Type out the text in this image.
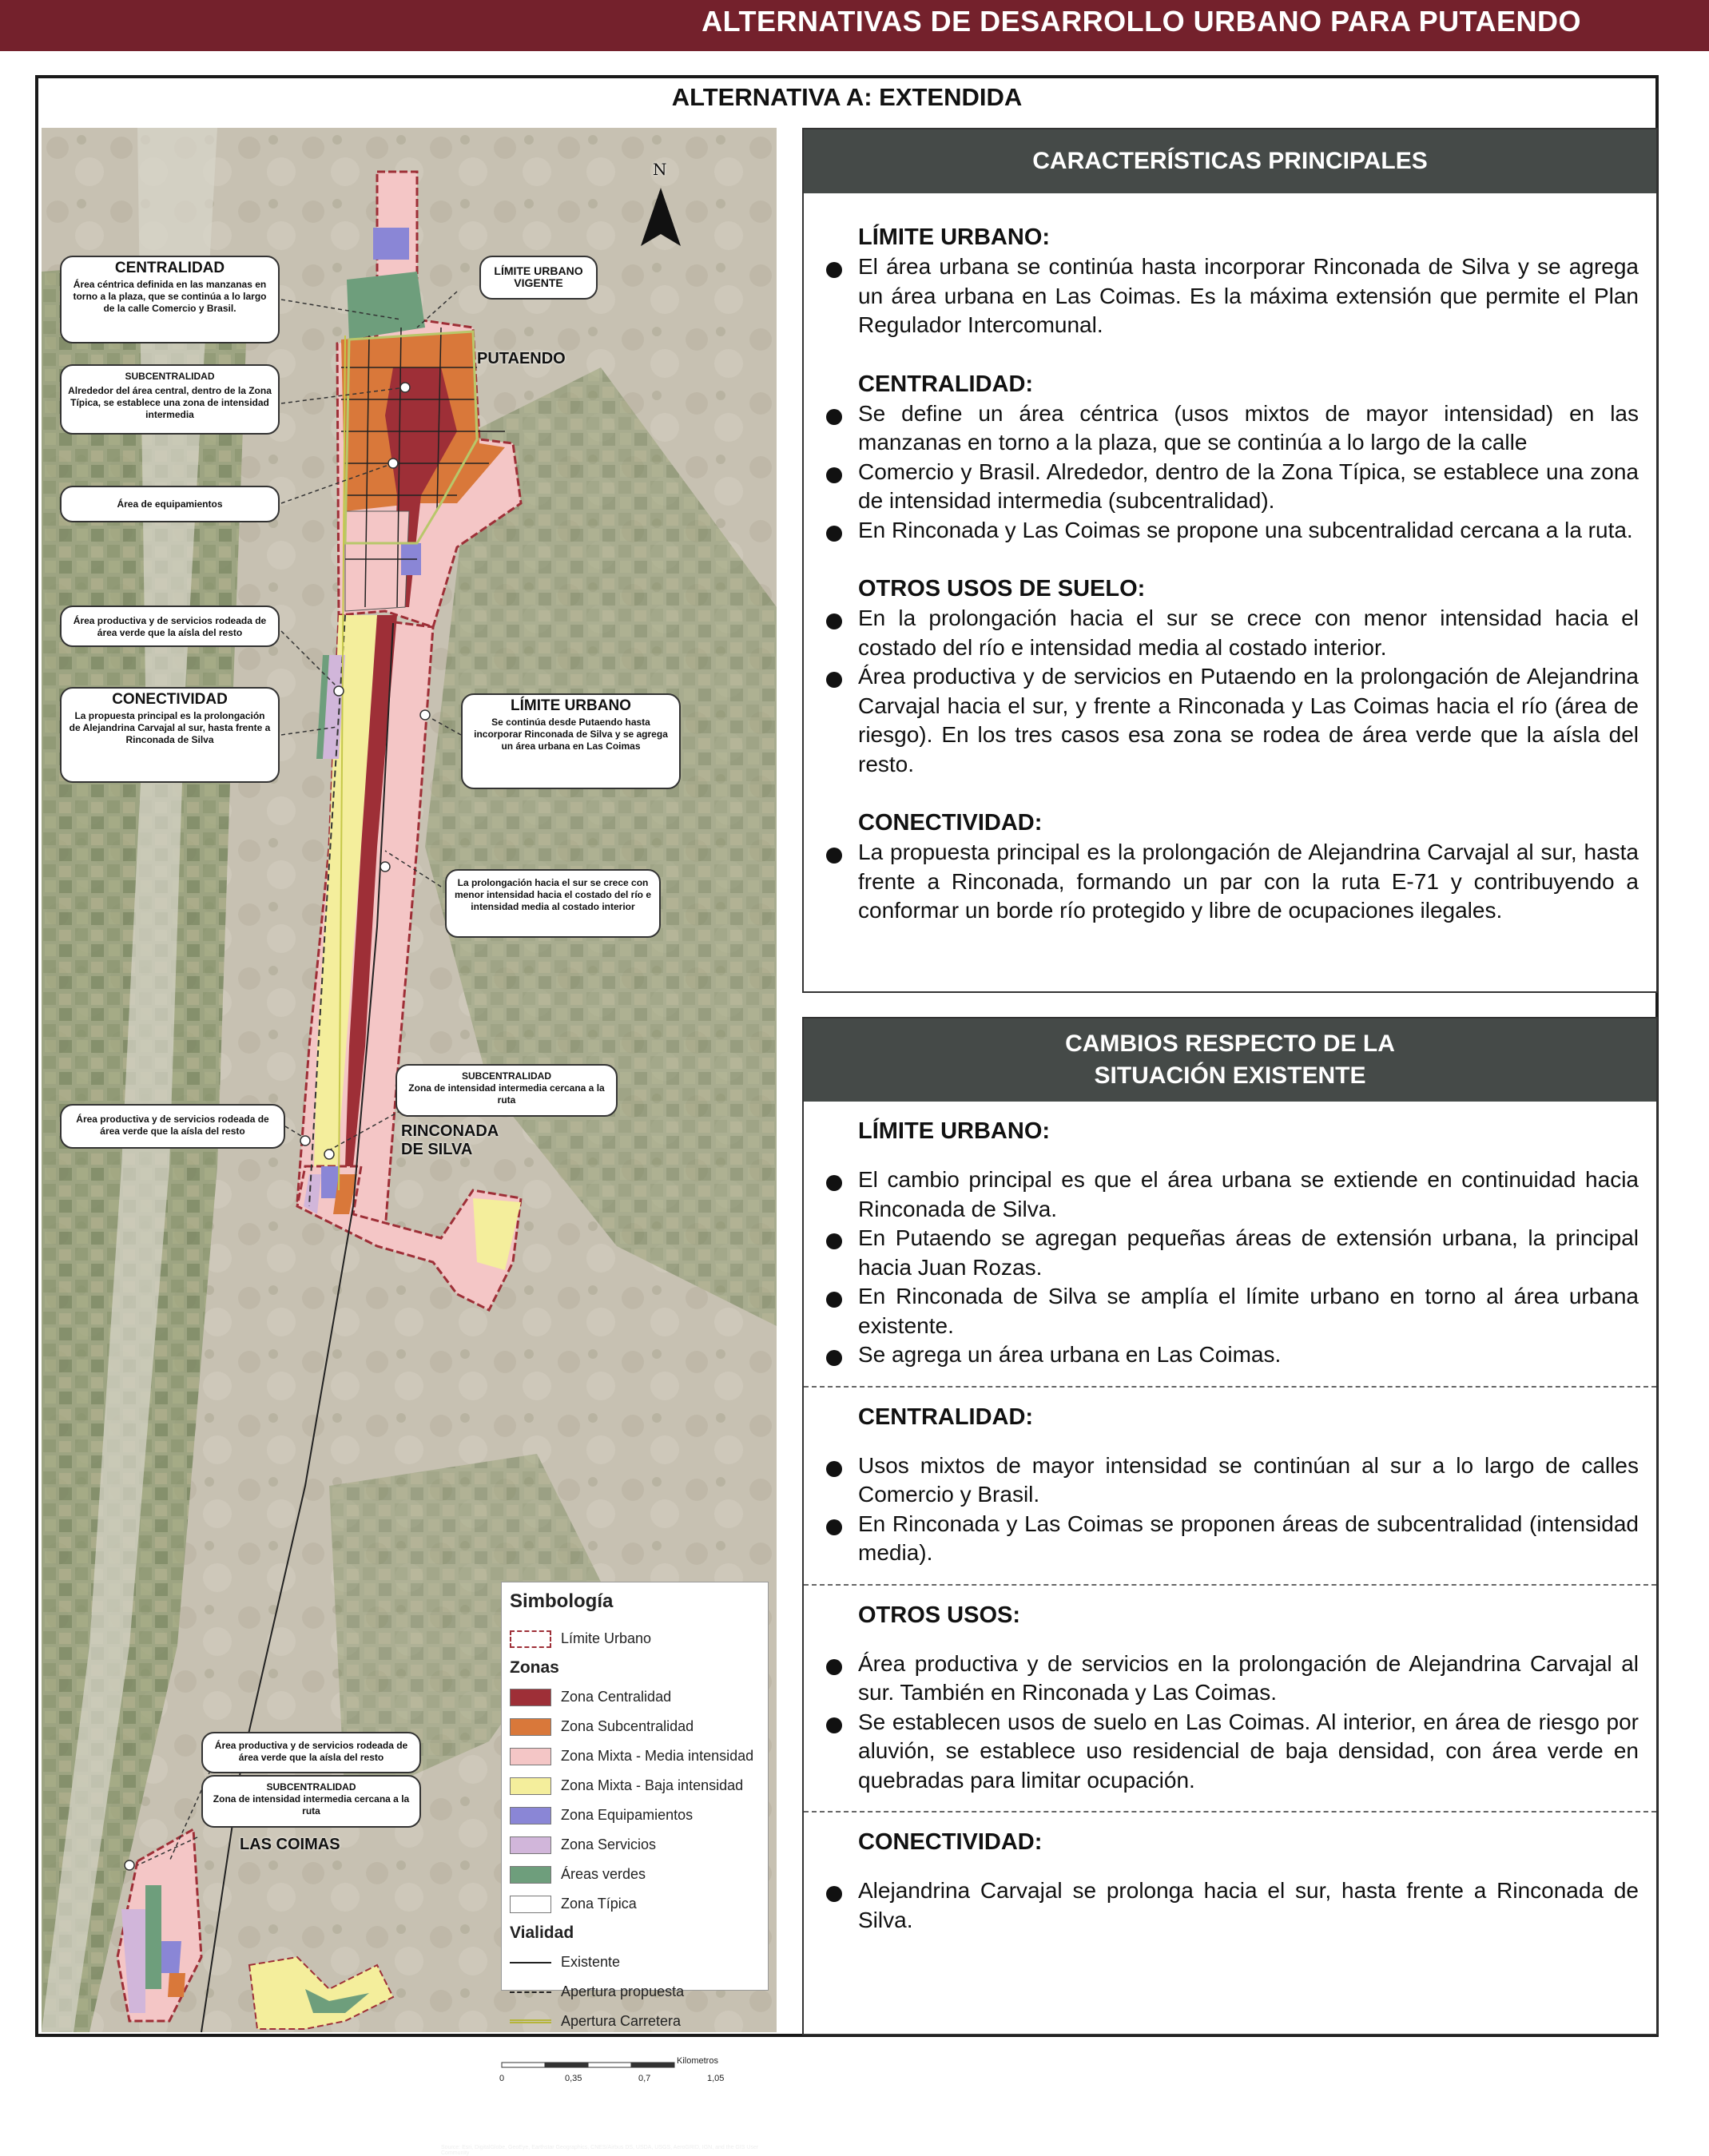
ALTERNATIVAS DE DESARROLLO URBANO PARA PUTAENDO
ALTERNATIVA A: EXTENDIDA
N
PUTAENDO
RINCONADA
DE SILVA
LAS COIMAS
CENTRALIDAD
Área céntrica definida en las manzanas en torno a la plaza, que se continúa a lo largo de la calle Comercio y Brasil.
LÍMITE URBANO VIGENTE
SUBCENTRALIDAD
Alrededor del área central, dentro de la Zona Típica, se establece una zona de intensidad intermedia
Área de equipamientos
Área productiva y de servicios rodeada de área verde que la aísla del resto
CONECTIVIDAD
La propuesta principal es la prolongación de Alejandrina Carvajal al sur, hasta frente a Rinconada de Silva
LÍMITE URBANO
Se continúa desde Putaendo hasta incorporar Rinconada de Silva y se agrega un área urbana en Las Coimas
La prolongación hacia el sur se crece con menor intensidad hacia el costado del río e intensidad media al costado interior
SUBCENTRALIDAD
Zona de intensidad intermedia cercana a la ruta
Área productiva y de servicios rodeada de área verde que la aísla del resto
Área productiva y de servicios rodeada de área verde que la aísla del resto
SUBCENTRALIDAD
Zona de intensidad intermedia cercana a la ruta
Simbología
Límite Urbano
Zonas
Zona Centralidad
Zona Subcentralidad
Zona Mixta - Media intensidad
Zona Mixta - Baja intensidad
Zona Equipamientos
Zona Servicios
Áreas verdes
Zona Típica
Vialidad
Existente
Apertura propuesta
Apertura Carretera
Kilometros
0	0,35	0,7	1,05
Source: Esri, DigitalGlobe, GeoEye, Earthstar Geographics, CNES/Airbus DS, USDA, USGS, AeroGRID, IGN, and the GIS User Community
CARACTERÍSTICAS PRINCIPALES
LÍMITE URBANO:
El área urbana se continúa hasta incorporar Rinconada de Silva y se agrega un área urbana en Las Coimas. Es la máxima extensión que permite el Plan Regulador Intercomunal.
CENTRALIDAD:
Se define un área céntrica (usos mixtos de mayor intensidad) en las manzanas en torno a la plaza, que se continúa a lo largo de la calle
Comercio y Brasil. Alrededor, dentro de la Zona Típica, se establece una zona de intensidad intermedia (subcentralidad).
En Rinconada y Las Coimas se propone una subcentralidad cercana a la ruta.
OTROS USOS DE SUELO:
En la prolongación hacia el sur se crece con menor intensidad hacia el costado del río e intensidad media al costado interior.
Área productiva y de servicios en Putaendo en la prolongación de Alejandrina Carvajal hacia el sur, y frente a Rinconada y Las Coimas hacia el río (área de riesgo). En los tres casos esa zona se rodea de área verde que la aísla del resto.
CONECTIVIDAD:
La propuesta principal es la prolongación de Alejandrina Carvajal al sur, hasta frente a Rinconada, formando un par con la ruta E-71 y contribuyendo a conformar un borde río protegido y libre de ocupaciones ilegales.
CAMBIOS RESPECTO DE LA
SITUACIÓN EXISTENTE
LÍMITE URBANO:
El cambio principal es que el área urbana se extiende en continuidad hacia Rinconada de Silva.
En Putaendo se agregan pequeñas áreas de extensión urbana, la principal hacia Juan Rozas.
En Rinconada de Silva se amplía el límite urbano en torno al área urbana existente.
Se agrega un área urbana en Las Coimas.
CENTRALIDAD:
Usos mixtos de mayor intensidad se continúan al sur a lo largo de calles Comercio y Brasil.
En Rinconada y Las Coimas se proponen áreas de subcentralidad (intensidad media).
OTROS USOS:
Área productiva y de servicios en la prolongación de Alejandrina Carvajal al sur. También en Rinconada y Las Coimas.
Se establecen usos de suelo en Las Coimas. Al interior, en área de riesgo por aluvión, se establece uso residencial de baja densidad, con área verde en quebradas para limitar ocupación.
CONECTIVIDAD:
Alejandrina Carvajal se prolonga hacia el sur, hasta frente a Rinconada de Silva.
